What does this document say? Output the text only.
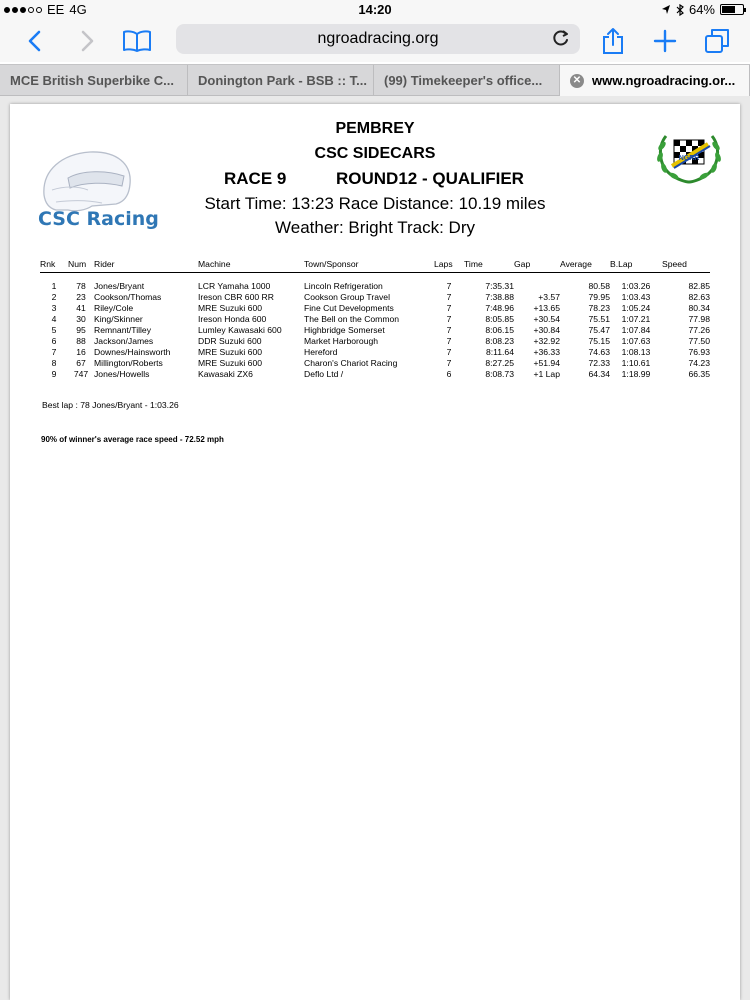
EE 4G	14:20	64%
ngroadracing.org
MCE British Superbike C... Donington Park - BSB :: T... (99) Timekeeper's office...	✕ www.ngroadracing.or...
CSC Racing
NGRR
PEMBREY
CSC SIDECARS
RACE 9	ROUND12 - QUALIFIER
Start Time: 13:23 Race Distance: 10.19 miles
Weather: Bright Track: Dry
Rnk	Num	Rider	Machine	Town/Sponsor	Laps	Time	Gap	Average	B.Lap	Speed

1	78	Jones/Bryant	LCR Yamaha 1000	Lincoln Refrigeration	7	7:35.31		80.58	1:03.26	82.85
2	23	Cookson/Thomas	Ireson CBR 600 RR	Cookson Group Travel	7	7:38.88	+3.57	79.95	1:03.43	82.63
3	41	Riley/Cole	MRE Suzuki 600	Fine Cut Developments	7	7:48.96	+13.65	78.23	1:05.24	80.34
4	30	King/Skinner	Ireson Honda 600	The Bell on the Common	7	8:05.85	+30.54	75.51	1:07.21	77.98
5	95	Remnant/Tilley	Lumley Kawasaki 600	Highbridge Somerset	7	8:06.15	+30.84	75.47	1:07.84	77.26
6	88	Jackson/James	DDR Suzuki 600	Market Harborough	7	8:08.23	+32.92	75.15	1:07.63	77.50
7	16	Downes/Hainsworth	MRE Suzuki 600	Hereford	7	8:11.64	+36.33	74.63	1:08.13	76.93
8	67	Millington/Roberts	MRE Suzuki 600	Charon's Chariot Racing	7	8:27.25	+51.94	72.33	1:10.61	74.23
9	747	Jones/Howells	Kawasaki ZX6	Deflo Ltd /	6	8:08.73	+1 Lap	64.34	1:18.99	66.35
Best lap : 78 Jones/Bryant - 1:03.26
90% of winner's average race speed - 72.52 mph
